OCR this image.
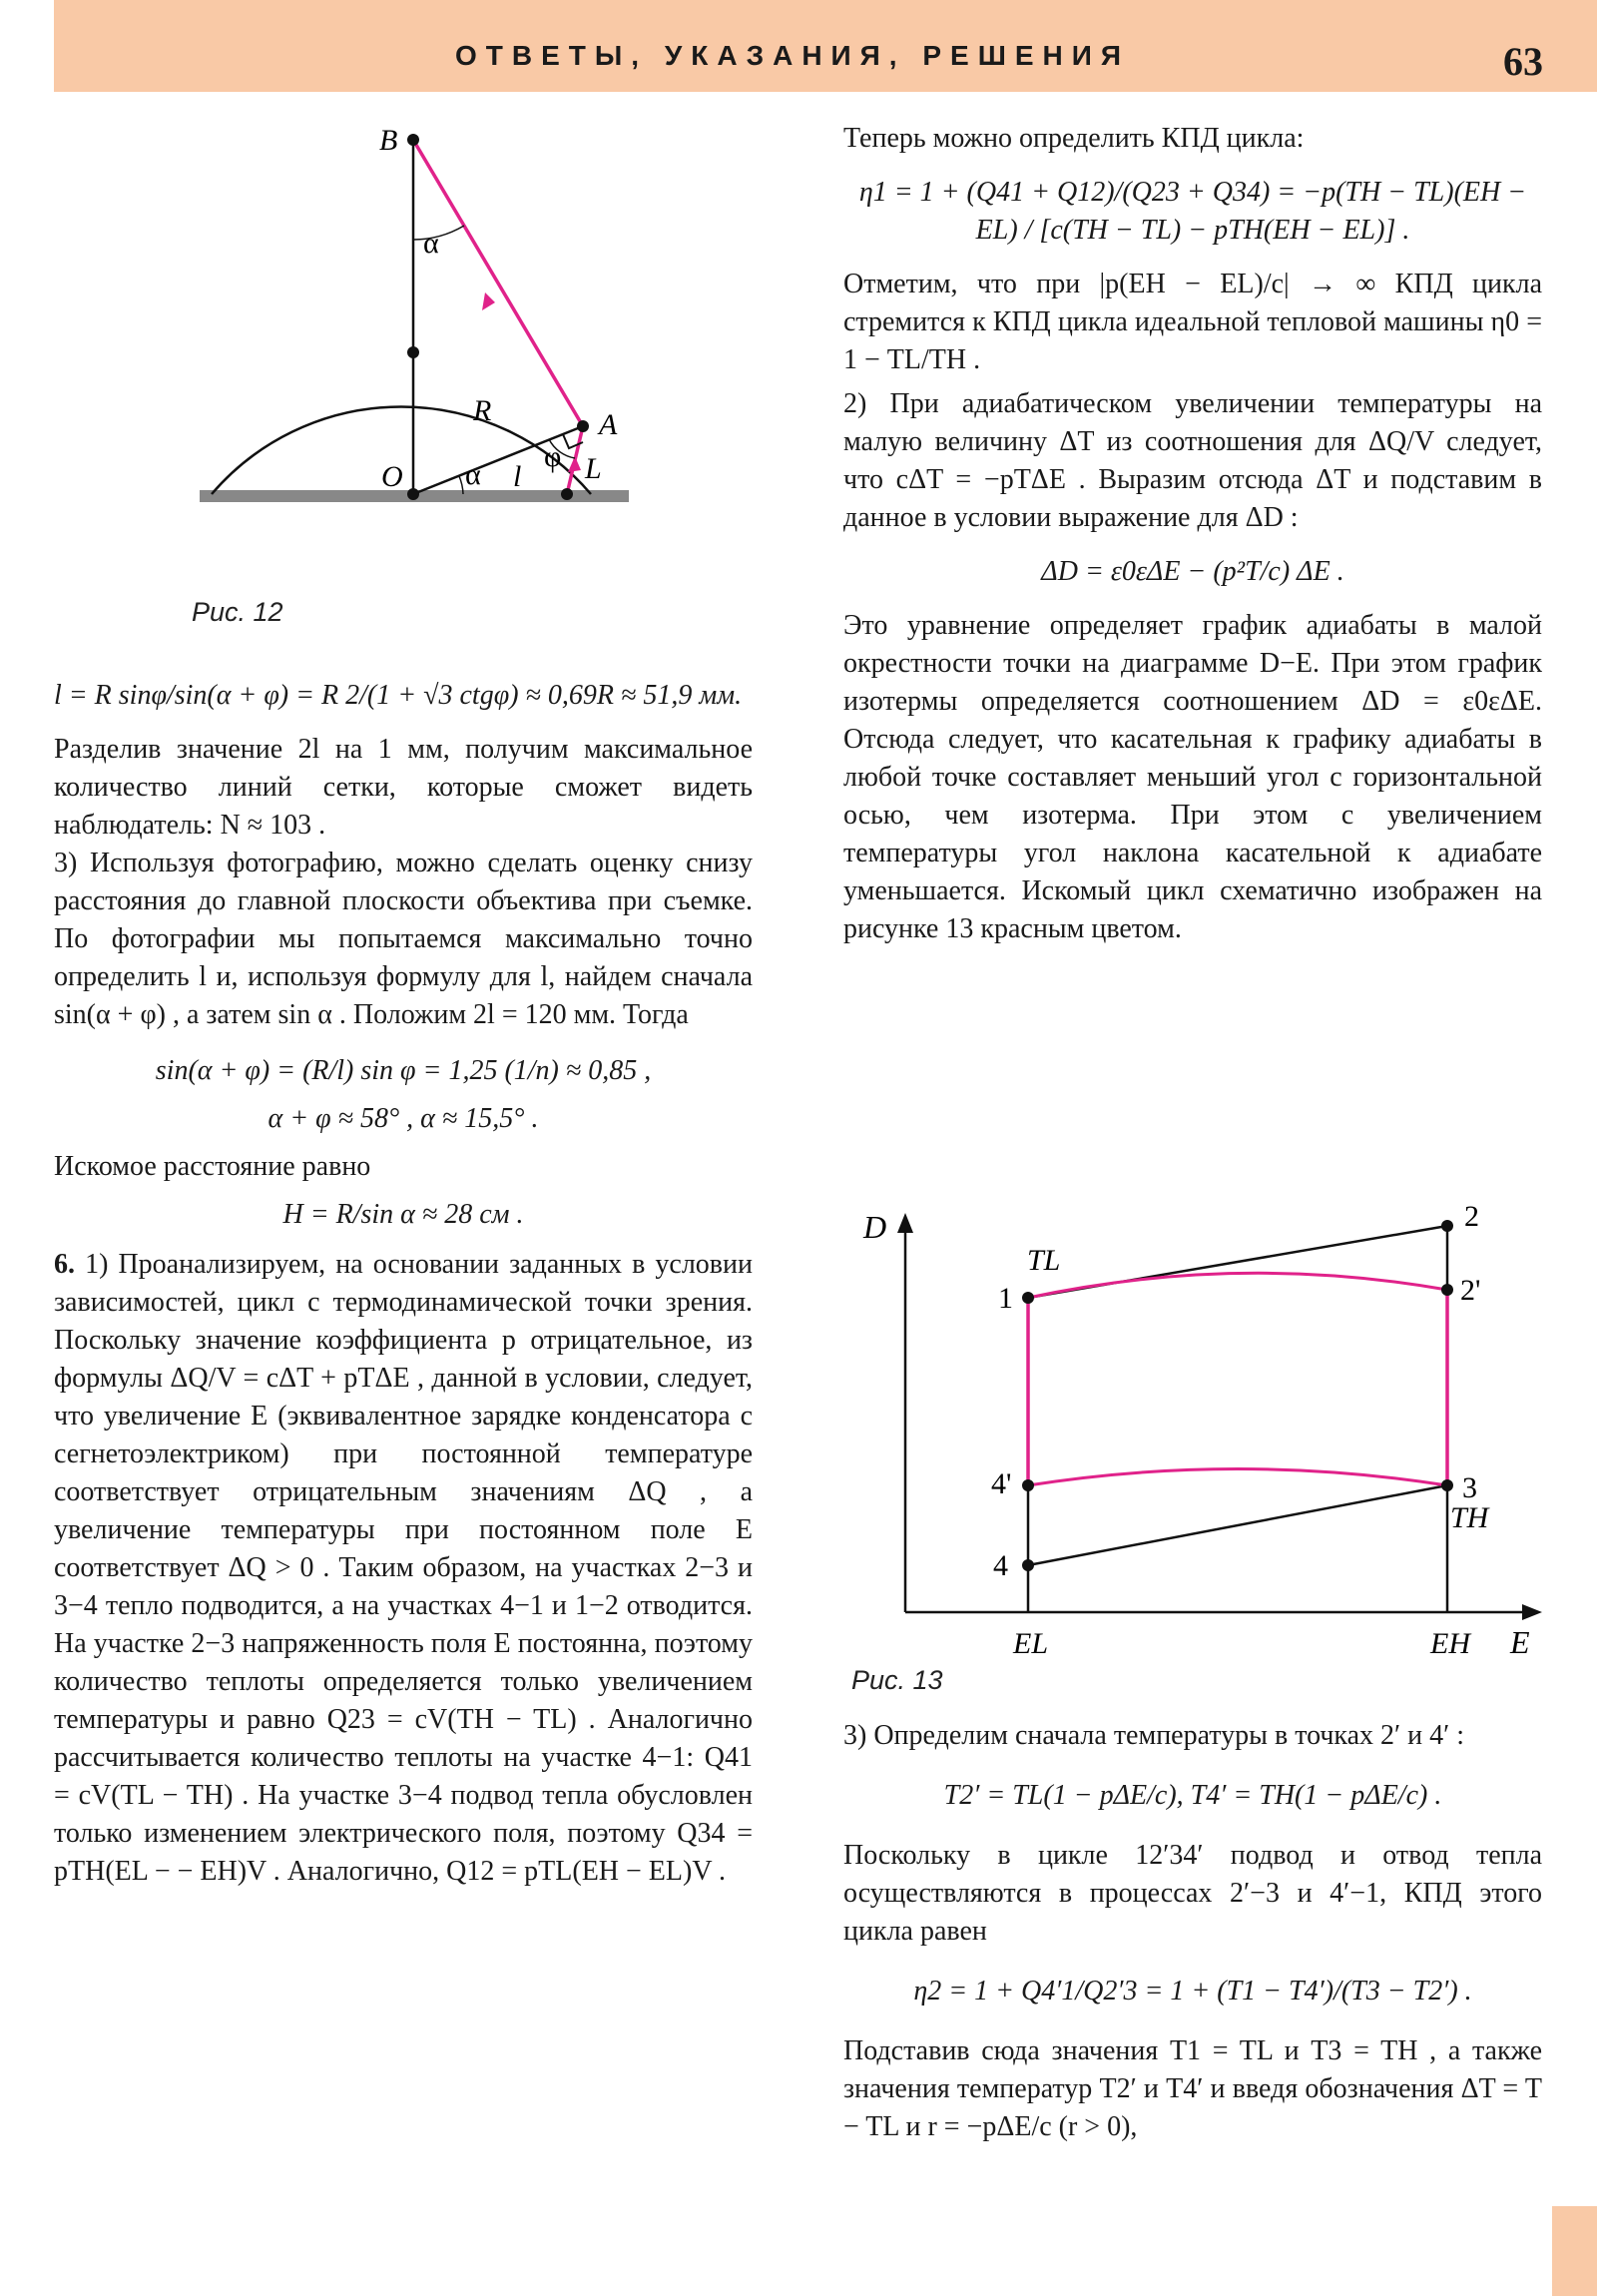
ОТВЕТЫ, УКАЗАНИЯ, РЕШЕНИЯ	63
B
α
A
R
φ
O α l L
Рис. 12
l = R sinφ/sin(α + φ) = R 2/(1 + √3 ctgφ) ≈ 0,69R ≈ 51,9 мм.

Разделив значение 2l на 1 мм, получим максимальное количество линий сетки, которые сможет видеть наблюдатель: N ≈ 103 .

3) Используя фотографию, можно сделать оценку снизу расстояния до главной плоскости объектива при съемке. По фотографии мы попытаемся максимально точно определить l и, используя формулу для l, найдем сначала sin(α + φ) , а затем sin α . Положим 2l = 120 мм. Тогда

sin(α + φ) = (R/l) sin φ = 1,25 (1/n) ≈ 0,85 ,
α + φ ≈ 58° , α ≈ 15,5° .

Искомое расстояние равно

H = R/sin α ≈ 28 см .

6. 1) Проанализируем, на основании заданных в условии зависимостей, цикл с термодинамической точки зрения. Поскольку значение коэффициента p отрицательное, из формулы ΔQ/V = cΔT + pTΔE , данной в условии, следует, что увеличение E (эквивалентное зарядке конденсатора с сегнетоэлектриком) при постоянной температуре соответствует отрицательным значениям ΔQ , а увеличение температуры при постоянном поле E соответствует ΔQ > 0 . Таким образом, на участках 2−3 и 3−4 тепло подводится, а на участках 4−1 и 1−2 отводится. На участке 2−3 напряженность поля E постоянна, поэтому количество теплоты определяется только увеличением температуры и равно Q23 = cV(TH − TL) . Аналогично рассчитывается количество теплоты на участке 4−1: Q41 = cV(TL − TH) . На участке 3−4 подвод тепла обусловлен только изменением электрического поля, поэтому Q34 = pTH(EL − − EH)V . Аналогично, Q12 = pTL(EH − EL)V .

Теперь можно определить КПД цикла:

η1 = 1 + (Q41 + Q12)/(Q23 + Q34) = −p(TH − TL)(EH − EL) / [c(TH − TL) − pTH(EH − EL)] .

Отметим, что при |p(EH − EL)/c| → ∞ КПД цикла стремится к КПД цикла идеальной тепловой машины η0 = 1 − TL/TH .

2) При адиабатическом увеличении температуры на малую величину ΔT из соотношения для ΔQ/V следует, что cΔT = −pTΔE . Выразим отсюда ΔT и подставим в данное в условии выражение для ΔD :

ΔD = ε0εΔE − (p²T/c) ΔE .

Это уравнение определяет график адиабаты в малой окрестности точки на диаграмме D−E. При этом график изотермы определяется соотношением ΔD = ε0εΔE. Отсюда следует, что касательная к графику адиабаты в любой точке составляет меньший угол с горизонтальной осью, чем изотерма. При этом с увеличением температуры угол наклона касательной к адиабате уменьшается. Искомый цикл схематично изображен на рисунке 13 красным цветом.

D
E
1
2
2'
3
4
4'
TL
TH
EL	EH
Рис. 13

3) Определим сначала температуры в точках 2′ и 4′ :

T2′ = TL(1 − pΔE/c), T4′ = TH(1 − pΔE/c) .

Поскольку в цикле 12′34′ подвод и отвод тепла осуществляются в процессах 2′−3 и 4′−1, КПД этого цикла равен

η2 = 1 + Q4′1/Q2′3 = 1 + (T1 − T4′)/(T3 − T2′) .

Подставив сюда значения T1 = TL и T3 = TH , а также значения температур T2′ и T4′ и введя обозначения ΔT = T − TL и r = −pΔE/c (r > 0),
